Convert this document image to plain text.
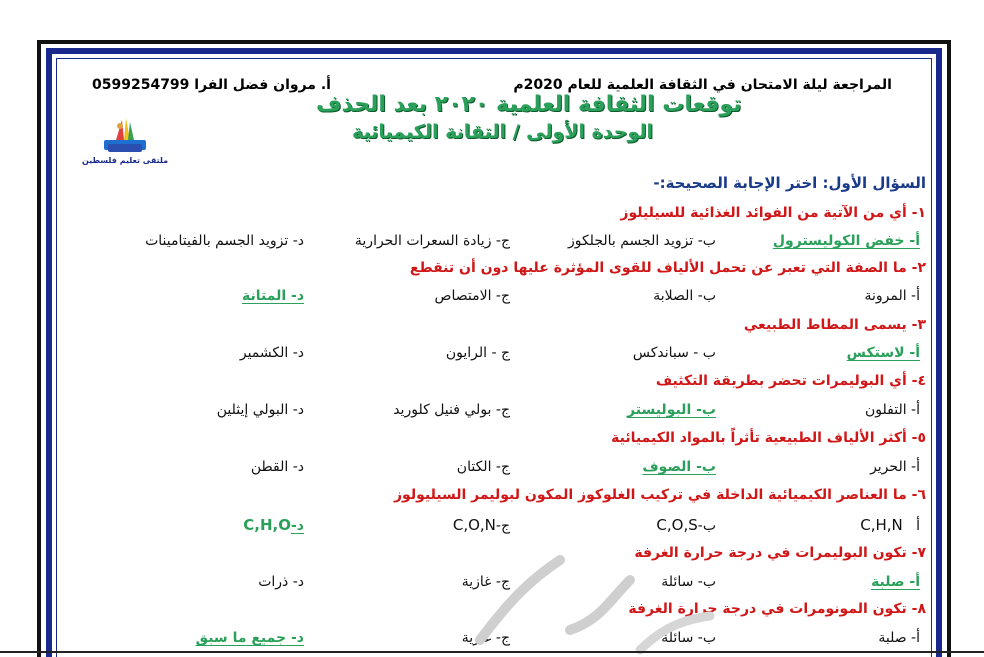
المراجعة ليلة الامتحان في الثقافة العلمية للعام 2020م
أ. مروان فضل الفرا 0599254799
توقعات الثقافة العلمية ٢٠٢٠ بعد الحذف
الوحدة الأولى / التقانة الكيميائية
ملتقى تعليم فلسطين
السؤال الأول: اختر الإجابة الصحيحة:-
١- أي من الآتية من الفوائد الغذائية للسيليلوز
أ- خفض الكوليسترول
ب- تزويد الجسم بالجلكوز
ج- زيادة السعرات الحرارية
د- تزويد الجسم بالفيتامينات
٢- ما الصفة التي تعبر عن تحمل الألياف للقوى المؤثرة عليها دون أن تنقطع
أ- المرونة
ب- الصلابة
ج- الامتصاص
د- المتانة
٣- يسمى المطاط الطبيعي
أ- لاستكس
ب - سباندكس
ج - الرايون
د- الكشمير
٤- أي البوليمرات تحضر بطريقة التكثيف
أ- التفلون
ب- البوليستر
ج- بولي فنيل كلوريد
د- البولي إيثلين
٥- أكثر الألياف الطبيعية تأثراً بالمواد الكيميائية
أ- الحرير
ب- الصوف
ج- الكتان
د- القطن
٦- ما العناصر الكيميائية الداخلة في تركيب الغلوكوز المكون لبوليمر السيليولوز
أ   C,H,N
ب-C,O,S
ج-C,O,N
د-C,H,O
٧- تكون البوليمرات في درجة حرارة الغرفة
أ- صلبة
ب- سائلة
ج- غازية
د- ذرات
٨- تكون المونومرات في درجة حرارة الغرفة
أ- صلبة
ب- سائلة
ج- غازية
د- جميع ما سبق
